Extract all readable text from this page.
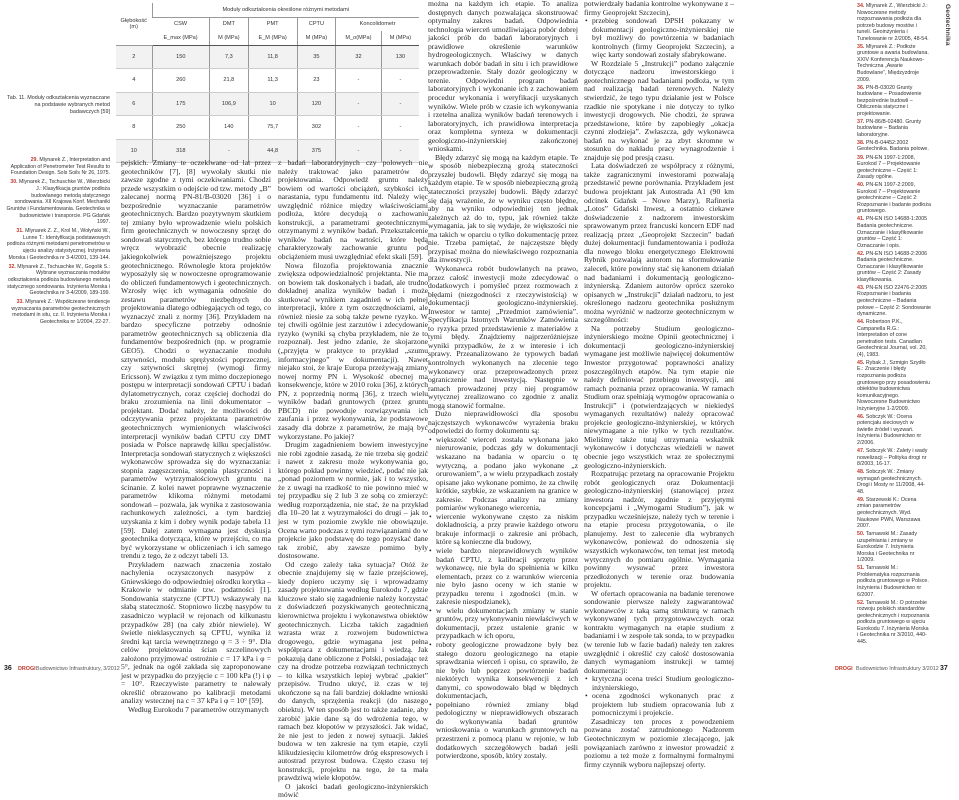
Tab. 11. Moduły odkształcenia wyznaczane na podstawie wybranych metod badawczych [59]
29. Mlynarek Z., Interpretation and Application of Penetrometer Test Results to Foundation Design. Sols Soils Nr 26, 1975.
30. Mlynarek Z., Tschuschke W., Wierzbicki J.: Klasyfikacja gruntów podłoża budowlanego metodą statycznego sondowania. XII Krajowa Konf. Mechaniki Gruntów i Fundamentowania. Geotechnika w budownictwie i transporcie. PG Gdańsk 1997.
31. Mlynarek Z. Z., Krol M., Wołyński W., Lunne T.: Identyfikacja podstawowych podłoża różnymi metodami penetrometrów w ujęciu analizy statystycznej. Inżynieria Morska i Geotechnika nr 3-4/2001, 139-144.
32. Mlynarek Z., Tschuschke W., Gogolik S.: Wybrane wyznaczania modułów odkształcenia podłoża budowlanego metodą statycznego sondowania. Inżynieria Morska i Geotechnika nr 3-4/2009, 189-199.
33. Mlynarek Z.: Współczesne tendencje wyznaczania parametrów geotechnicznych metodami in situ, cz. II. Inżynieria Morska i Geotechnika nr 1/2004, 22-27.
Głębokość (m)	Moduły odkształcenia określone różnymi metodami					
	CSW	DMT	PMT	CPTU	Koncolidometr	
	E_max (MPa)	M (MPa)	E_M (MPa)	M (MPa)	M_o(MPa)	M (MPa)
2	150	7,3	11,8	35	32	130
4	260	21,8	11,3	23	-	-
6	175	106,9	10	120	-	-
8	250	140	75,7	302	-	-
10	318	-	44,8	375	-	-

pejskich. Zmiany te oczekiwane od lat przez geotechników [7], [8] wywołały skutki nie zawsze zgodne z tymi oczekiwaniami. Chodzi przede wszystkim o odejście od tzw. metody „B” zalecanej normą PN-81/B-03020 [36] i o bezpośrednie wyznaczanie parametrów geotechnicznych. Bardzo pozytywnym skutkiem tej zmiany było wprowadzenie wielu polskich firm geotechnicznych w nowoczesny sprzęt do sondowań statycznych, bez którego trudno sobie wręcz wyobrazić obecnie realizację jakiegokolwiek poważniejszego projektu geotechnicznego. Równolegle ktora projektów wyposażyły się w nowoczesne oprogramowanie do obliczeń fundamentowych i geotechnicznych. Wzrosły więc ich wymagania odnośnie do zestawu parametrów niezbędnych do projektowania dlatego odbiegających od tego, co wyznaczyć znali z normy [36]. Przykładem na bardzo specyficzne potrzeby odnośnie parametrów geotechnicznych są obliczenia dla fundamentów bezpośrednich (np. w programie GEO5). Chodzi o wyznaczanie modułu sztywności, modułu sprężystości poprzecznej, czy sztywności skrętnej (wymogi firmy Ericsson). W związku z tym mimo doczepionego postępu w interpretacji sondowań CPTU i badań dylatometrycznych, coraz częściej dochodzi do braku zrozumienia na linii dokumentator – projektant. Dodać należy, że możliwości do odczytywania przez projektanta parametrów geotechnicznych wymienionych właściwości interpretacji wyników badań CPTU czy DMT posiada w Polsce naprawdę kilku specjalistów. Interpretacja sondowań statycznych z większości wykonawców sprowadza się do wyznaczania: stopnia zagęszczenia, stopnia plastyczności i parametrów wytrzymałościowych gruntu na ścinanie. Z kolei nawet poprawne wyznaczenie parametrów klikoma różnymi metodami sondowań – pozwala, jak wynika z zastosowania rachunkowych zależności, a tym bardziej uzyskania z kim i dobry wynik podaje tabela 11 [59]. Dalej zatem wymagana jest dyskusja geotechnika dotycząca, które w przejściu, co ma być wykorzystane w obliczeniach i ich samego trendu z tego, że z odczyt tabeli 13.

Przykładem nazwach znaczenia zostało nachylenia oczyszczonych nasypów z Gniewskiego do odpowiedniej ośrodku korytka – Krakowie w odmianie tzw. podatności [1]. Sondowania statyczne (CPTU) wskazywały na słabą stateczność. Stopniowo liczbę nasypów tu zasadniczo wypłacił w rejonach od kilkunastu przypadków 28] (na cały zbiór niewiele). W świetle nieklasycznych są CPTU, wynika iż średni kąt tarcia wewnętrznego φ = 3 ÷ 9°. Dla celów projektowania ścian szczelinowych założono przyjmować ostrożnie c = 17 kPa i φ = 5°, jednak na ogół zakłada się zaproponowane jest w przypadku do przyjęcie c = 100 kPa (!) i φ = 10°. Rzeczywiste parametry te nalewały określić obrazowano po kalibracji metodami analizy wstecznej na c = 37 kPa i φ = 10° [59].

Według Eurokodu 7 parametrów otrzymanych

z badań laboratoryjnych czy polowych nie należy traktować jako parametrów do projektowania. Odpowiedź gruntu należy bowiem od wartości obciążeń, szybkości ich narastania, typu fundamentu itd. Należy więc uwzględnić różnice między właściwościami podłoża, które decydują o zachowaniu konstrukcji, a parametrami geotechnicznymi otrzymanymi z wyników badań. Przekształcenie wyników badań na wartości, które będą charakteryzowały zachowanie gruntu pod obciążeniem musi uwzględniać efekt skali [59].

Nowa filozofia projektowania znacznie zwiększa odpowiedzialność projektanta. Nie ma on bowiem tak doskonałych i badań, ale trudno dokładnej analiza wyników badań i może skutkować wynikiem zagadnień w ich pełnej interpretacji, które z tym oszczędnościami, ale również niesie za sobą także pewne ryzyko. W tej chwili ogólnie jest zarzutów i zdecydowanie ryzyko (wyniki są chyba przykładem, nie że to rozpoznał). Jest jedno zdanie, że skojarzone („przyjęta w praktyce to przykład „szumu informacyjnego” w dokumentacji). Nawet niejako stoi, że kraje Europa przeżywają zmiany nowej normy PN i. Wysokość obecnej ma konsekwencje, które w 2010 roku [36], z których PN, z poprzednią normą [36], z trzech wielu wyników badań gruntowych (przez gruntu PBCD) nie powoduje rozwiązywania ich zaufania i przez wykonywania, że podstawowe zasady dla dobrze z parametrów, że mają być wykorzystane. Po jakiej?

Drugim zagadnieniem bowiem inwestycyjne nie robi zgodnie zasadą, że nie trzeba się godzić i nawet z zakresu może wykonywania go, którego pokład powinny wiedzieć, podać nie jak „ponad poziomem w normie, jak i to wszystko, że z uwagi na rzadkość to nie powinno mieć w tej przypadku się 2 lub 3 ze sobą co zmierzyć: według rozporządzenia, nie stać, że na przykład dla 10–20 lat z wytrzymałości do drugi – jak to jest w tym poziomie zwykle nie obowiązuje. Ocena warto podczas z tymi rozwiązaniami do w projekcie jako podstawę do tego pozyskać dane tak zrobić, aby zawsze pomimo były dostosowane.

Od czego zależy taka sytuacja? Otóż że obecnie znajdujemy się w fazie przejściowej, kiedy dopiero uczymy się i wprowadzamy zasady projektowania według Eurokodu 7, gdzie kluczowe stało się zagadnienie należy korzystać z doświadczeń pozyskiwanych geotechniczną kierownictwa projektu i wykonawstwa obiektów geotechnicznych. Liczba takich zagadnień wzrasta wraz z rozwojem budownictwa drogowego, gdzie wymagana jest pełna współpraca z dokumentacjami i wiedzą. Jak pokazują dane obliczone z Polski, posiadając też czy na drodze potrzeba rozwiązań technicznych – to kilka wszystkich lepiej wybrać „pakiet” przepisów. Trudno ukryć, iż czas w tej ukończone są na fali bardziej dokładne wnioski do danych, sprzężenia reakcji (do naszego obiektu). W ten sposób jest to także zadanie, aby zarobić jakie dane są do wdrożenia tego, w ramach bez kłopotów w przyszłości. Jak widać, że nie jest to jeden z nowej sytuacji. Jakieś budowa w ten zakresie na tym etapie, czyli klikudziesięciu kilometrów dróg ekspresowych i autostrad przyrost budowa. Często czasu tej konstrukcji, projektu na tego, że ta mała prawdziwą wiele kłopotów.

O jakości badań geologiczno-inżynierskich mówić

można na każdym ich etapie. To analiza dostępnych danych pozwalająca skonstruować optymalny zakres badań. Odpowiednia technologia wierceń umożliwiająca pobór dobrej jakości prób do badań laboratoryjnych i prawidłowe określenie warunków hydrogeologicznych. Właściwy w danych warunkach dobór badań in situ i ich prawidłowe przeprowadzenie. Stały dozór geologiczny w terenie. Odpowiedni program badań laboratoryjnych i wykonanie ich z zachowaniem procedur wykonania i weryfikacji uzyskanych wyników. Wiele prób w czasie ich wykonywania i rzetelna analiza wyników badań terenowych i laboratoryjnych, ich prawidłowa interpretacja oraz kompletna synteza w dokumentacji geologiczno-inżynierskiej zakończonej wnioskami.

Błędy zdarzyć się mogą na każdym etapie. Te w sposób niebezpieczną grożą stateczności przyszłej budowli. Błędy zdarzyć się mogą na każdym etapie. Te w sposób niebezpieczną grożą stateczności przyszłej budowli. Błędy zdarzyć się dają wrażenie, że w wyniku często błędne, aby na wyniku odpowiedniej ten jednak zależnych aż do to, typu, jak również także wymagania, jak to się wydaje, że większości nie ma takich w oparciu o tylko dokumentację przez nie. Trzeba pamiętać, że najczęstsze błędy przypisać można do niewłaściwego rozpoznania dla inwestycji.

Wykonawca robót budowlanych na prawo, przez całość inwestycji może zdecydować o dodatkowych i pomyśleć przez rozmowach z błędami (niezgodności z rzeczywistością) w dokumentacji geologiczno-inżynierskiej. Inwestor w tamtej „Przedmiot zamówienia”. Specyfikacja Istotnych Warunków Zamówienia to ryzyka przed przedstawienie z materiałów z tymi błędy. Znajdziemy najprzeróżniejsze wyniki przypadków, że z w interesie i ich sprawy. Przeanalizowano że typowych badań kontrolnych wykonanych na zlecenie tego wykonawcy oraz przeprowadzonych przez ograniczenie nad inwestycją. Następnie w ramach prowadzonej przy niej programów wytycznej zrealizowano co zgodnie z analiz mogą stanowić formalne.

Dużo nieprawidłowości dla sposobu najczęstszych wykonawców wyrażenia braku odpowiedzi do formy dokumentu są:

• większość wierceń została wykonana jako nierurowanie, podczas gdy w dokumentacji wskazano na badania w oparciu o tę wytyczną, a podano jako wykonane „z orurowaniem”, a w wielu przypadkach zostały opisane jako wykonane pomimo, że za chwilę krótkie, szybkie, ze wskazaniem na granice w zakresie. Podczas analizy na zmiany pomiarów wykonanego wiercenia,
• wiercenie wykonywane często za niskim dokładnością, a przy prawie każdego otworu brakuje informacji o zakresie ani próbach, które są konieczne dla budowy,
• wiele bardzo nieprawidłowych wyników badań CPTU, z kalibracji sprzętu przez wykonawcę, nie była do spełnienia w kilku elementach, przez co z warunków wiercenia nie było jasno oceny w ich stanie w przypadku terenu i zgodności (m.in. w zakresie niespodzianek),
• w wielu dokumentacjach zmiany w stanie gruntów, przy wykonywaniu niewłaściwych w dokumentacji, przez ustalenie granic w przypadkach w ich oporu,
• roboty geologiczne prowadzone były bez stałego dozoru geologicznego na etapie sprawdzania wierceń i opisu, co sprawiło, że nie było lub poprzez powtórzenie badań niektórych wynika konsekwencji z ich danymi, co spowodowało błąd w błędnych dokumentacjach,
• popełniano również zmiany błąd pedologiczny w nieprawidłowych obszarach do wykonywania badań gruntów wnioskowania o warunkach gruntowych na przestrzeni z pomocą planu w rejonie, w lub dodatkowych szczegółowych badań jeśli potwierdzone, sposób, który zostały.

potwierdzały badania kontrolne wykonywane z – firmy Geoprojekt Szczecin),

• przebieg sondowań DPSH pokazany w dokumentacji geologiczno-inżynierskiej nie był możliwy do powtórzenia w badaniach kontrolnych (firmy Geoprojekt Szczecin), a więc karty sondowań zostały sfabrykowane.

W Rozdziale 5 „Instrukcji” podano załącznie dotyczące nadzoru inwestorskiego i geotechnicznego nad badaniami podłoża, w tym nad realizacją badań terenowych. Należy stwierdzić, że tego typu działanie jest w Polsce rzadkie nie spotykane i nie dotyczy to tylko inwestycji drogowych. Nie chodzi, że sprawa przedstawione, które by zapobiegły „okacja czynni złodzieja”. Zwłaszcza, gdy wykonawca badań na wykonać je za zbyt skromne w stosunku do nakładu pracy wynagrodzenie i znajduje się pod presją czasu.

Lata doświadczeń ze współpracy z różnymi, także zagranicznymi inwestorami pozwalają przedstawić pewne porównania. Przykładem jest budowa projektant jak Autostrada A1 (90 km odcinek Gdańsk – Nowe Marzy), Rafineria „Lotos” Gdański Inwest, a ostatnio ciekawe doświadczenie z nadzorem inwestorskim sprawowanym przez francuski koncern EDF nad realizacją przez „Geoprojekt Szczecin” badań dużej dokumentacji fundamentowania i podłoża dla nowego bloku energetycznego Elektrowni Rybnik pozwalają autorom na sformułowanie zaleceń, które powinny stać się kanonem działań nad badaniami i dokumentacją geologiczno-inżynierską. Zdaniem autorów oprócz szeroko opisanych w „Instrukcji” działań nadzoru, to jest określonego nadzoru geotechnika posłużnym można wyróżnić w nadzorze geotechnicznym w szczególności:

Na potrzeby Studium geologiczno-inżynierskiego możne Opinii geotechnicznej i dokumentacji geologiczno-inżynierskiej wymagane jest możliwie najwięcej dokumentów Inwestor przygotować poprawności analizy poszczególnych etapów. Na tym etapie nie należy definiować przebiegu inwestycji, ani ramach poznania przez opracowania. W ramach Studium oraz spełniają wymogów opracowania o Instrukcji” i (potwierdzających w niekiedyś wymaganych rezultatów) należy opracować projekcie geologiczno-inżynierskiej, w których niewymagane a nie tylko w tych rezultatów. Mieliśmy także tutaj utrzymania wskaźnik wykonawców i dotychczas wiedzieli w nawet obecnie jego wszystkich wraz ze społecznymi geologiczno-inżynierskich.

Rozpatrując przetarg na opracowanie Projektu robót geologicznych oraz Dokumentacji geologiczno-inżynierskiej (stanowiącej przez inwestora nadzór, zgodnie z przyjętymi koncepcjami i „Wymogami Studium”), jak w przypadku wcześniejsze, należy tych w terenie i na etapie procesu przygotowania, o ile planujemy. Jest to zalecenie dla wybranych wykonawców, ponieważ do odnoszenia się wszystkich wykonawców, ten temat jest metodą wytycznych do pomiaru ogólnie. Wymagania powinny wysuwać przez inwestora przedłożonych w terenie oraz budowania projektu.

W ofertach opracowania na badanie terenowe sondowanie pierwsze należy zagwarantować wykonawców z taką samą strukturą w ramach wykonywanej tych przygotowawczych oraz kontraktu wymaganych na etapie studium z badaniami i w zespołe tak sonda, to w przypadku (w terenie lub w fazie badań) należy ten zakres uwzględnić i określić czy całość dostosowania danych wymaganiom instrukcji w tamtej dokumentacji:

• krytyczna ocena treści Studium geologiczno-inżynierskiego,
• ocena zgodności wykonanych prac z projektem lub studiem opracowania lub z pomocniczymi i projekcie.

Zasadniczy ten proces z powodzeniem pozwana zostać zatrudnionego Nadzorem Geotechnicznym w poziomie zlecającego, jak powiązaniach zarówno z inwestor prowadzić z poziomu a też może z formalnymi formalnymi firmy czynnik wyboru najlepszej oferty.

34. Mlynarek Z., Wierzbicki J.: Nowoczesne metody rozpoznawania podłoża dla potrzeb budowy mostów i tuneli. Geoinżynieria i Tunelowanie nr 2/2005, 48-54.
35. Mlynarek Z.: Podłoże gruntowe a awaria budowlana. XXIV Konferencja Naukowo-Techniczna „Awarie Budowlane”, Międzyzdroje 2009.
36. PN-B-03020 Grunty budowlane – Posadowienie bezpośrednie budowli – Obliczenia statyczne i projektowanie.
37. PN-86/B-02480. Grunty budowlane – Badania laboratoryjne.
38. PN-B-04452:2002 Geotechnika. Badania polowe.
39. PN-EN 1997-1:2008, Eurokod 7 – Projektowanie geotechniczne – Część 1: Zasady ogólne.
40. PN-EN 1997-2:2009, Eurokod 7 – Projektowanie geotechniczne – Część 2: Rozpoznanie i badanie podłoża gruntowego.
41. PN-EN ISO 14688-1:2005 Badania geotechniczne. Oznaczanie i klasyfikowanie gruntów – Część 1: Oznaczanie i opis.
42. PN-EN ISO 14688-2:2006 Badania geotechniczne. Oznaczanie i klasyfikowanie gruntów – Część 2: Zasady klasyfikowania.
43. PN-EN ISO 22476-2:2005 Rozpoznanie i badania geotechniczne – Badania polowe – Część 2: Sondowanie dynamiczne.
44. Robertson P.K., Campanella R.G.: Interpretation of cone penetration tests. Canadian Geotechnical Journal, vol. 20, (4), 1983.
45. Rybak J., Szmigin Szydło E.: Znaczenie i błędy rozpoznania podłoża gruntowego przy posadowieniu obiektów budownictwa komunikacyjnego. Nowoczesne Budownictwo Inżynieryjne 1-2/2009.
46. Sobczyk W.: Ocena potencjału sieciowych w świetle źródeł i wyzwań. Inżynieria i Budownictwo nr 2/2006.
47. Sobczyk W.: Zalety i wady nowelizacji – Polityka drogi nr 8/2003, 16-17.
48. Sobczyk W.: Zmiany wymagań geotechnicznych. Drogi i Mosty nr 11/2008, 44-48.
49. Starzewski K.: Ocena zmian parametrów geotechnicznych. Wyd. Naukowe PWN, Warszawa 2007.
50. Tarnawski M.: Zasady uzupełniania i zmiany w Eurokodzie 7. Inżynieria Morska i Geotechnika nr 1/2009.
51. Tarnawski M.: Problematyka rozpoznania podłoża gruntowego w Polsce. Inżynieria i Budownictwo nr 6/2007.
52. Tarnawski M.: O potrzebie rozwoju polskich standardów geotechnicznych i rozpoznania podłoża gruntowego w ujęciu Eurokodu 7. Inżynieria Morska i Geotechnika nr 3/2010, 440-445.
Geotechnika
36 DROGI Budownictwo Infrastruktury, 3/2012	DROGI Budownictwo Infrastruktury 3/2012 37
